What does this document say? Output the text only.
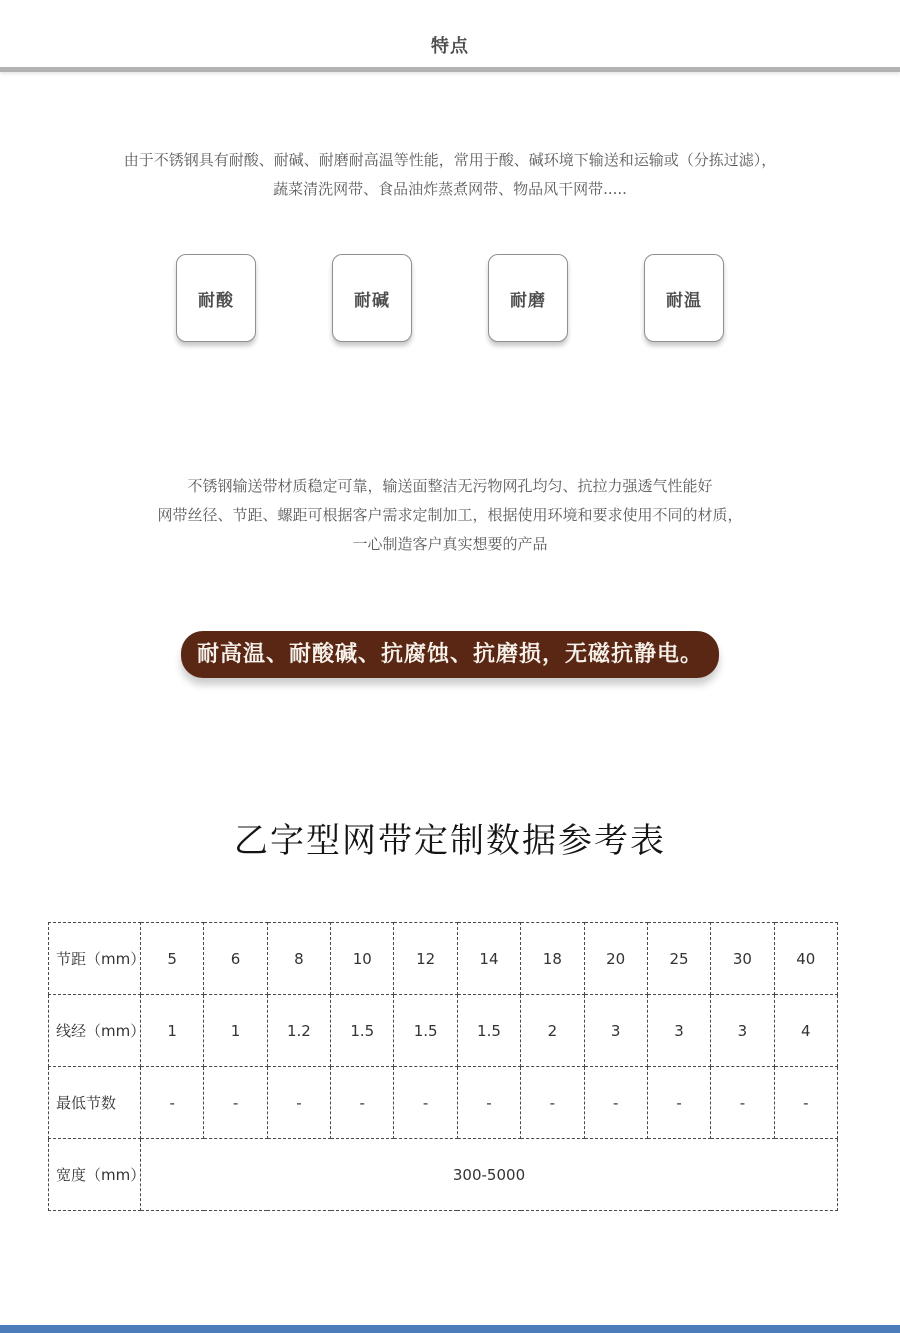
特点
由于不锈钢具有耐酸、耐碱、耐磨耐高温等性能，常用于酸、碱环境下输送和运输或（分拣过滤），
蔬菜清洗网带、食品油炸蒸煮网带、物品风干网带.....
耐酸	耐碱	耐磨	耐温
不锈钢输送带材质稳定可靠，输送面整洁无污物网孔均匀、抗拉力强透气性能好
网带丝径、节距、螺距可根据客户需求定制加工，根据使用环境和要求使用不同的材质，
一心制造客户真实想要的产品
耐高温、耐酸碱、抗腐蚀、抗磨损，无磁抗静电。
乙字型网带定制数据参考表
节距（mm）	5	6	8	10	12	14	18	20	25	30	40
线经（mm）	1	1	1.2	1.5	1.5	1.5	2	3	3	3	4
最低节数	-	-	-	-	-	-	-	-	-	-	-
宽度（mm）	300-5000										
